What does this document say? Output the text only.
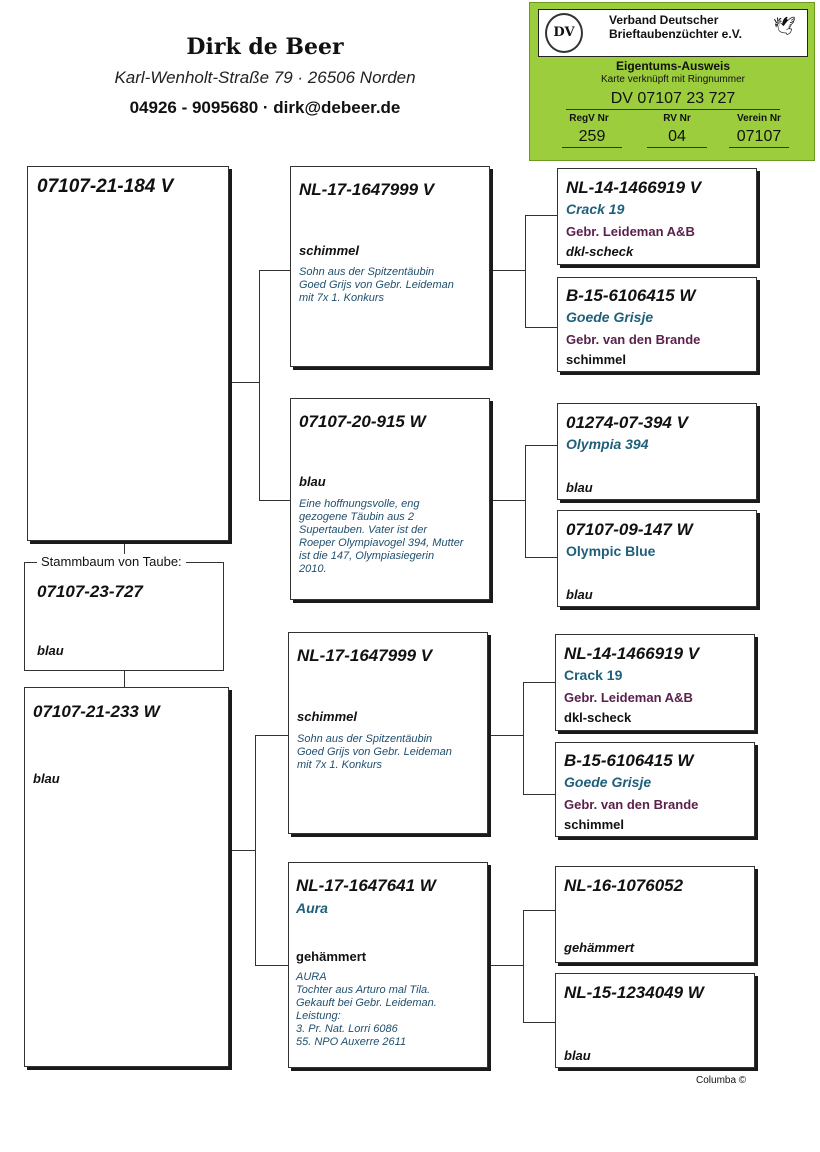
Dirk de Beer
Karl-Wenholt-Straße 79 · 26506 Norden
04926 - 9095680 · dirk@debeer.de
DV
Verband Deutscher
Brieftaubenzüchter e.V. 🕊
Eigentums-Ausweis
Karte verknüpft mit Ringnummer
DV 07107 23 727
RegV Nr	RV Nr	Verein Nr
259	04	07107
07107-21-184 V
Stammbaum von Taube:
07107-23-727
blau
07107-21-233 W
blau
NL-17-1647999 V
schimmel
Sohn aus der Spitzentäubin
Goed Grijs von Gebr. Leideman
mit 7x 1. Konkurs
07107-20-915 W
blau
Eine hoffnungsvolle, eng
gezogene Täubin aus 2
Supertauben. Vater ist der
Roeper Olympiavogel 394, Mutter
ist die 147, Olympiasiegerin
2010.
NL-17-1647999 V
schimmel
Sohn aus der Spitzentäubin
Goed Grijs von Gebr. Leideman
mit 7x 1. Konkurs
NL-17-1647641 W
Aura
gehämmert
AURA
Tochter aus Arturo mal Tila.
Gekauft bei Gebr. Leideman.
Leistung:
3. Pr. Nat. Lorri 6086
55. NPO Auxerre 2611
NL-14-1466919 V
Crack 19
Gebr. Leideman A&B
dkl-scheck
B-15-6106415 W
Goede Grisje
Gebr. van den Brande
schimmel
01274-07-394 V
Olympia 394
blau
07107-09-147 W
Olympic Blue
blau
NL-14-1466919 V
Crack 19
Gebr. Leideman A&B
dkl-scheck
B-15-6106415 W
Goede Grisje
Gebr. van den Brande
schimmel
NL-16-1076052
gehämmert
NL-15-1234049 W
blau
Columba ©
